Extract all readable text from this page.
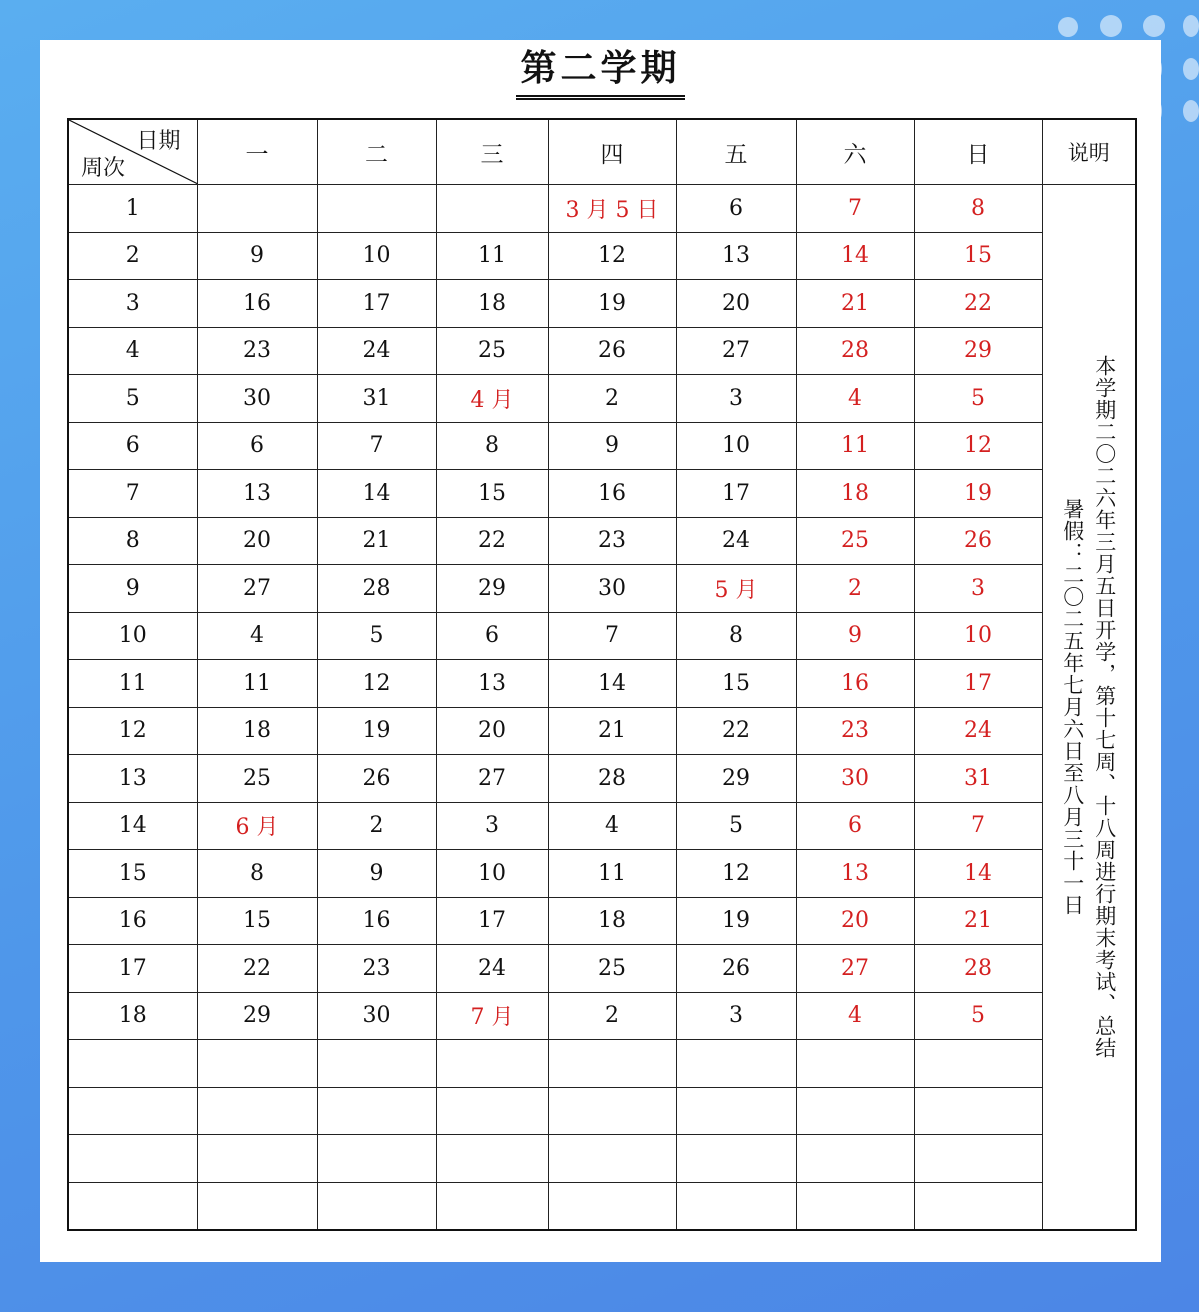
第二学期
日期
周次	一	二	三	四	五	六	日	说明
1				3 月 5 日	6	7	8	本学期二〇二六年三月五日开学，第十七周、十八周进行期末考试、总结
暑假：二〇二五年七月六日至八月三十一日

2	9	10	11	12	13	14	15	
3	16	17	18	19	20	21	22	
4	23	24	25	26	27	28	29	
5	30	31	4 月	2	3	4	5	
6	6	7	8	9	10	11	12	
7	13	14	15	16	17	18	19	
8	20	21	22	23	24	25	26	
9	27	28	29	30	5 月	2	3	
10	4	5	6	7	8	9	10	
11	11	12	13	14	15	16	17	
12	18	19	20	21	22	23	24	
13	25	26	27	28	29	30	31	
14	6 月	2	3	4	5	6	7	
15	8	9	10	11	12	13	14	
16	15	16	17	18	19	20	21	
17	22	23	24	25	26	27	28	
18	29	30	7 月	2	3	4	5	
